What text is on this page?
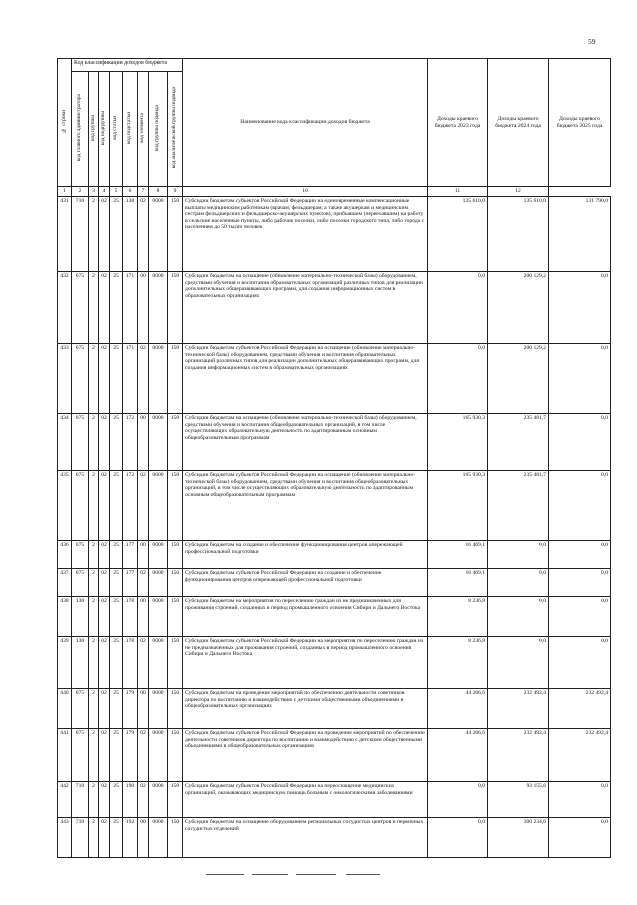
59
№ строки	Код классификации доходов бюджета								Наименование кода классификации доходов бюджета	Доходы краевого бюджета 2023 года	Доходы краевого бюджета 2024 года	Доходы краевого бюджета 2025 года
	код главного администратора	код группы	код подгруппы	код статьи	код подстатьи	код элемента	код группы подвида	код аналитической группы подвида				
1	2	3	4	5	6	7	8	9	10	11	12	
431	710	2	02	25	138	02	0000	150	Субсидии бюджетам субъектов Российской Федерации на единовременные компенсационные выплаты медицинским работникам (врачам, фельдшерам, а также акушеркам и медицинским сестрам фельдшерских и фельдшерско-акушерских пунктов), прибывшим (переехавшим) на работу в сельские населенные пункты, либо рабочие поселки, либо поселки городского типа, либо города с населением до 50 тысяч человек	135 610,0	135 610,0	131 790,0
432	075	2	02	25	171	00	0000	150	Субсидии бюджетам на оснащение (обновление материально-технической базы) оборудованием, средствами обучения и воспитания образовательных организаций различных типов для реализации дополнительных общеразвивающих программ, для создания информационных систем в образовательных организациях	0,0	200 129,2	0,0
433	075	2	02	25	171	02	0000	150	Субсидии бюджетам субъектов Российской Федерации на оснащение (обновление материально-технической базы) оборудованием, средствами обучения и воспитания образовательных организаций различных типов для реализации дополнительных общеразвивающих программ, для создания информационных систем в образовательных организациях	0,0	200 129,2	0,0
434	075	2	02	25	172	00	0000	150	Субсидии бюджетам на оснащение (обновление материально-технической базы) оборудованием, средствами обучения и воспитания общеобразовательных организаций, в том числе осуществляющих образовательную деятельность по адаптированным основным общеобразовательным программам	165 930,3	235 481,7	0,0
435	075	2	02	25	172	02	0000	150	Субсидии бюджетам субъектов Российской Федерации на оснащение (обновление материально-технической базы) оборудованием, средствами обучения и воспитания общеобразовательных организаций, в том числе осуществляющих образовательную деятельность по адаптированным основным общеобразовательным программам	165 930,3	235 481,7	0,0
436	075	2	02	25	177	00	0000	150	Субсидии бюджетам на создание и обеспечение функционирования центров опережающей профессиональной подготовки	16 469,1	0,0	0,0
437	075	2	02	25	177	02	0000	150	Субсидии бюджетам субъектов Российской Федерации на создание и обеспечение функционирования центров опережающей профессиональной подготовки	16 469,1	0,0	0,0
438	130	2	02	25	178	00	0000	150	Субсидии бюджетам на мероприятия по переселению граждан из не предназначенных для проживания строений, созданных в период промышленного освоения Сибири и Дальнего Востока	8 236,8	0,0	0,0
439	130	2	02	25	178	02	0000	150	Субсидии бюджетам субъектов Российской Федерации на мероприятия по переселению граждан из не предназначенных для проживания строений, созданных в период промышленного освоения Сибири и Дальнего Востока	8 236,8	0,0	0,0
440	075	2	02	25	179	00	0000	150	Субсидии бюджетам на проведение мероприятий по обеспечению деятельности советников директора по воспитанию и взаимодействию с детскими общественными объединениями в общеобразовательных организациях	44 286,6	232 492,4	232 492,4
441	075	2	02	25	179	02	0000	150	Субсидии бюджетам субъектов Российской Федерации на проведение мероприятий по обеспечению деятельности советников директора по воспитанию и взаимодействию с детскими общественными объединениями в общеобразовательных организациях	44 286,6	232 492,4	232 492,4
442	710	2	02	25	190	02	0000	150	Субсидии бюджетам субъектов Российской Федерации на переоснащение медицинских организаций, оказывающих медицинскую помощь больным с онкологическими заболеваниями	0,0	93 155,6	0,0
443	710	2	02	25	192	00	0000	150	Субсидии бюджетам на оснащение оборудованием региональных сосудистых центров и первичных сосудистых отделений	0,0	300 234,6	0,0
